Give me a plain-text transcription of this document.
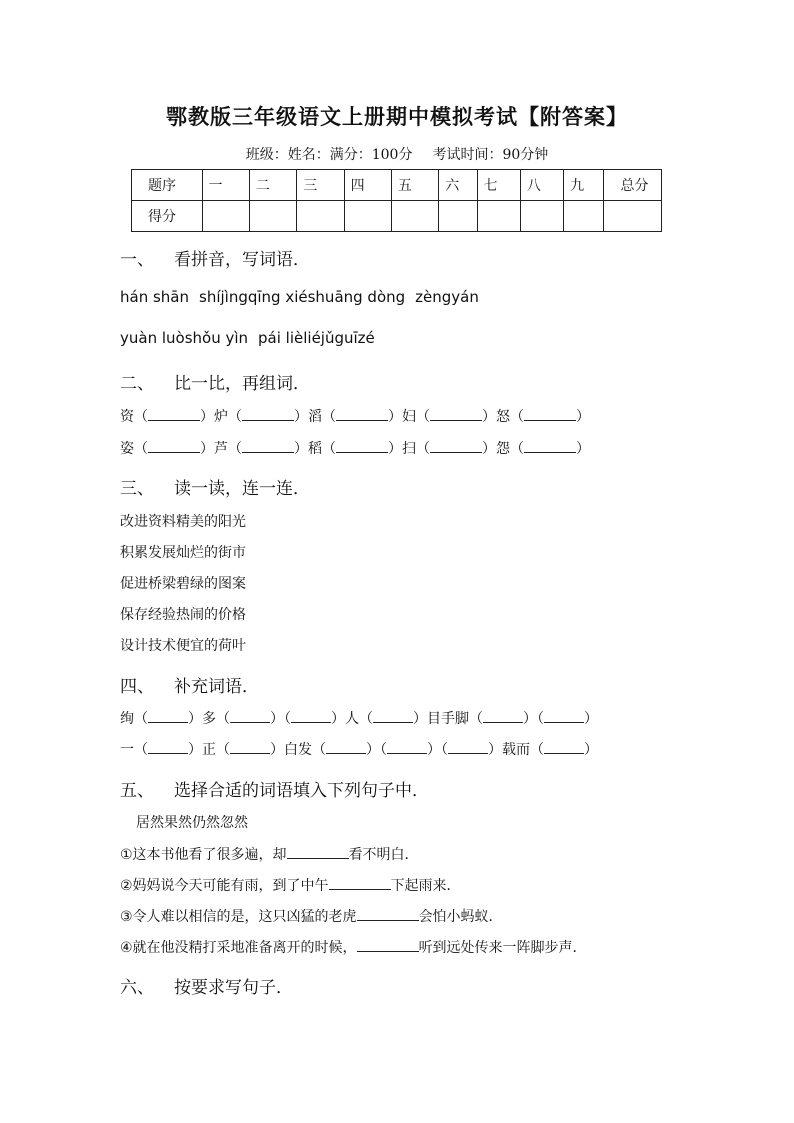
鄂教版三年级语文上册期中模拟考试【附答案】
班级：姓名：满分：100分 考试时间：90分钟
题序	一	二	三	四	五	六	七	八	九	总分
得分										
一、 看拼音，写词语．
hán shān shíjìngqīng xiéshuāng dòng zèngyán
yuàn luòshǒu yìn pái lièliéjǔguīzé
二、 比一比，再组词．
资（	）炉（	）滔（	）妇（	）怒（	）
姿（	）芦（	）稻（	）扫（	）怨（	）
三、 读一读，连一连．
改进资料精美的阳光
积累发展灿烂的街市
促进桥梁碧绿的图案
保存经验热闹的价格
设计技术便宜的荷叶
四、 补充词语．
绚（	）多（	）（	）人（	）目手脚（	）（	）
一（	）正（	）白发（	）（	）（	）载而（	）
五、 选择合适的词语填入下列句子中．
居然果然仍然忽然
①这本书他看了很多遍，却	看不明白．
②妈妈说今天可能有雨，到了中午	下起雨来．
③令人难以相信的是，这只凶猛的老虎	会怕小蚂蚁．
④就在他没精打采地准备离开的时候，	听到远处传来一阵脚步声．
六、 按要求写句子．
